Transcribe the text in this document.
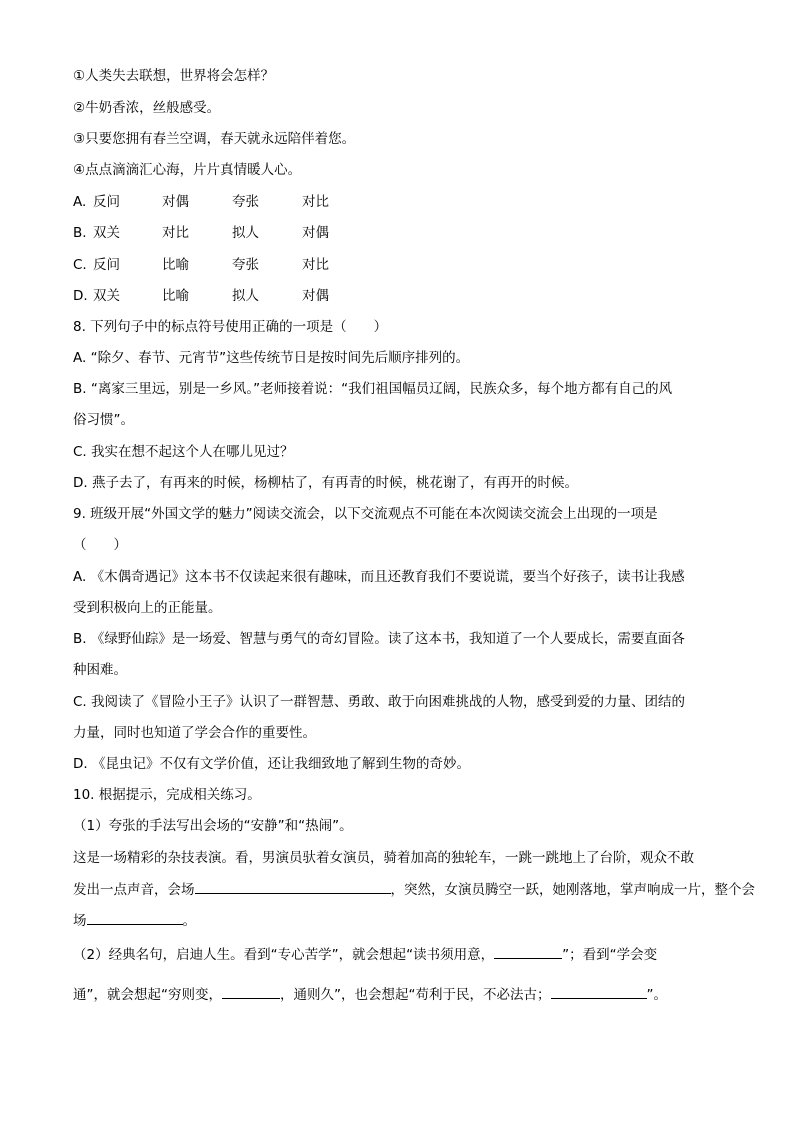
①人类失去联想，世界将会怎样？
②牛奶香浓，丝般感受。
③只要您拥有春兰空调，春天就永远陪伴着您。
④点点滴滴汇心海，片片真情暖人心。
A. 反问	对偶	夸张	对比
B. 双关	对比	拟人	对偶
C. 反问	比喻	夸张	对比
D. 双关	比喻	拟人	对偶
8. 下列句子中的标点符号使用正确的一项是（　　）
A. “除夕、春节、元宵节”这些传统节日是按时间先后顺序排列的。
B. “离家三里远，别是一乡风。”老师接着说：“我们祖国幅员辽阔，民族众多，每个地方都有自己的风
俗习惯”。
C. 我实在想不起这个人在哪儿见过？
D. 燕子去了，有再来的时候，杨柳枯了，有再青的时候，桃花谢了，有再开的时候。
9. 班级开展“外国文学的魅力”阅读交流会，以下交流观点不可能在本次阅读交流会上出现的一项是
（　　）
A. 《木偶奇遇记》这本书不仅读起来很有趣味，而且还教育我们不要说谎，要当个好孩子，读书让我感
受到积极向上的正能量。
B. 《绿野仙踪》是一场爱、智慧与勇气的奇幻冒险。读了这本书，我知道了一个人要成长，需要直面各
种困难。
C. 我阅读了《冒险小王子》认识了一群智慧、勇敢、敢于向困难挑战的人物，感受到爱的力量、团结的
力量，同时也知道了学会合作的重要性。
D. 《昆虫记》不仅有文学价值，还让我细致地了解到生物的奇妙。
10. 根据提示，完成相关练习。
（1）夸张的手法写出会场的“安静”和“热闹”。
这是一场精彩的杂技表演。看，男演员驮着女演员，骑着加高的独轮车，一跳一跳地上了台阶，观众不敢
发出一点声音，会场	，突然，女演员腾空一跃，她刚落地，掌声响成一片，整个会
场	。
（2）经典名句，启迪人生。看到“专心苦学”，就会想起“读书须用意，	”；看到“学会变
通”，就会想起“穷则变，	，通则久”，也会想起“苟利于民，不必法古；	”。
